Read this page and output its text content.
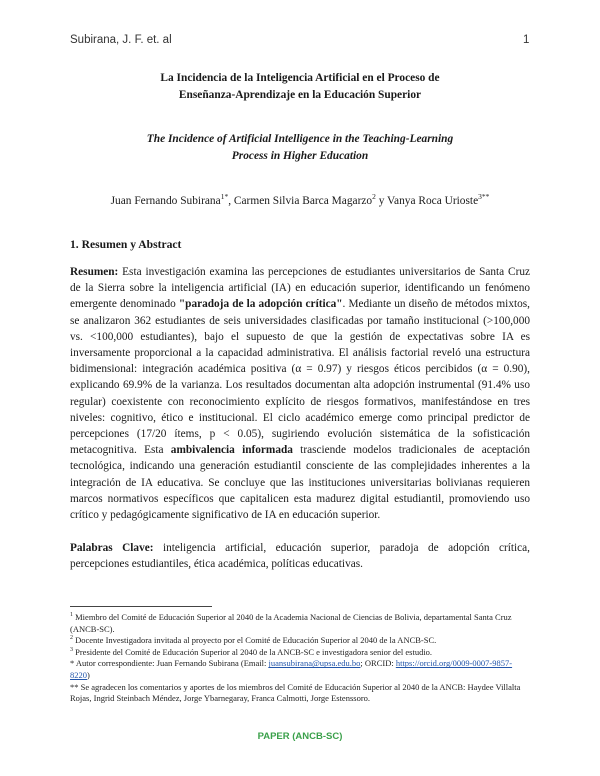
Subirana, J. F. et. al	1
La Incidencia de la Inteligencia Artificial en el Proceso de
Enseñanza-Aprendizaje en la Educación Superior
The Incidence of Artificial Intelligence in the Teaching-Learning
Process in Higher Education
Juan Fernando Subirana$^{1*}$, Carmen Silvia Barca Magarzo$^2$ y Vanya Roca Urioste$^{3**}$
1. Resumen y Abstract
Resumen: Esta investigación examina las percepciones de estudiantes universitarios de Santa Cruz de la Sierra sobre la inteligencia artificial (IA) en educación superior, identificando un fenómeno emergente denominado "paradoja de la adopción crítica". Mediante un diseño de métodos mixtos, se analizaron 362 estudiantes de seis universidades clasificadas por tamaño institucional (>100,000 vs. <100,000 estudiantes), bajo el supuesto de que la gestión de expectativas sobre IA es inversamente proporcional a la capacidad administrativa. El análisis factorial reveló una estructura bidimensional: integración académica positiva (α = 0.97) y riesgos éticos percibidos (α = 0.90), explicando 69.9% de la varianza. Los resultados documentan alta adopción instrumental (91.4% uso regular) coexistente con reconocimiento explícito de riesgos formativos, manifestándose en tres niveles: cognitivo, ético e institucional. El ciclo académico emerge como principal predictor de percepciones (17/20 ítems, p < 0.05), sugiriendo evolución sistemática de la sofisticación metacognitiva. Esta ambivalencia informada trasciende modelos tradicionales de aceptación tecnológica, indicando una generación estudiantil consciente de las complejidades inherentes a la integración de IA educativa. Se concluye que las instituciones universitarias bolivianas requieren marcos normativos específicos que capitalicen esta madurez digital estudiantil, promoviendo uso crítico y pedagógicamente significativo de IA en educación superior.
Palabras Clave: inteligencia artificial, educación superior, paradoja de adopción crítica, percepciones estudiantiles, ética académica, políticas educativas.

$^1$ Miembro del Comité de Educación Superior al 2040 de la Academia Nacional de Ciencias de Bolivia, departamental Santa Cruz (ANCB-SC).

$^2$ Docente Investigadora invitada al proyecto por el Comité de Educación Superior al 2040 de la ANCB-SC.

$^3$ Presidente del Comité de Educación Superior al 2040 de la ANCB-SC e investigadora senior del estudio.

* Autor correspondiente: Juan Fernando Subirana (Email: juansubirana@upsa.edu.bo; ORCID: https://orcid.org/0009-0007-9857-8220)

** Se agradecen los comentarios y aportes de los miembros del Comité de Educación Superior al 2040 de la ANCB: Haydee Villalta Rojas, Ingrid Steinbach Méndez, Jorge Ybarnegaray, Franca Calmotti, Jorge Estenssoro.

PAPER (ANCB-SC)
